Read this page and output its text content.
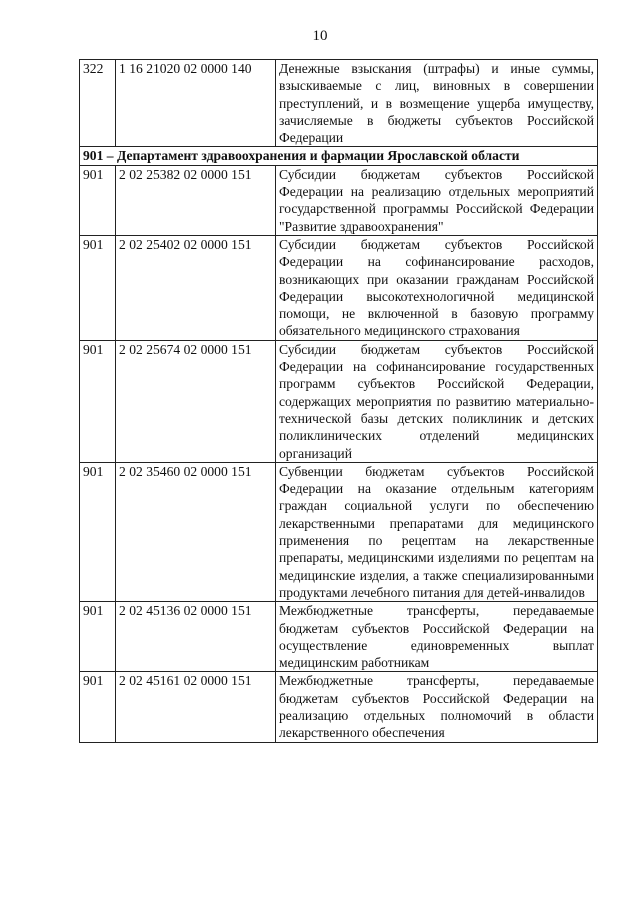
10
322	1 16 21020 02 0000 140	Денежные взыскания (штрафы) и иные суммы, взыскиваемые с лиц, виновных в совершении преступлений, и в возмещение ущерба имуществу, зачисляемые в бюджеты субъектов Российской Федерации
901 – Департамент здравоохранения и фармации Ярославской области		
901	2 02 25382 02 0000 151	Субсидии бюджетам субъектов Российской Федерации на реализацию отдельных мероприятий государственной программы Российской Федерации "Развитие здравоохранения"
901	2 02 25402 02 0000 151	Субсидии бюджетам субъектов Российской Федерации на софинансирование расходов, возникающих при оказании гражданам Российской Федерации высокотехнологичной медицинской помощи, не включенной в базовую программу обязательного медицинского страхования
901	2 02 25674 02 0000 151	Субсидии бюджетам субъектов Российской Федерации на софинансирование государственных программ субъектов Российской Федерации, содержащих мероприятия по развитию материально-технической базы детских поликлиник и детских поликлинических отделений медицинских организаций
901	2 02 35460 02 0000 151	Субвенции бюджетам субъектов Российской Федерации на оказание отдельным категориям граждан социальной услуги по обеспечению лекарственными препаратами для медицинского применения по рецептам на лекарственные препараты, медицинскими изделиями по рецептам на медицинские изделия, а также специализированными продуктами лечебного питания для детей-инвалидов
901	2 02 45136 02 0000 151	Межбюджетные трансферты, передаваемые бюджетам субъектов Российской Федерации на осуществление единовременных выплат медицинским работникам
901	2 02 45161 02 0000 151	Межбюджетные трансферты, передаваемые бюджетам субъектов Российской Федерации на реализацию отдельных полномочий в области лекарственного обеспечения
